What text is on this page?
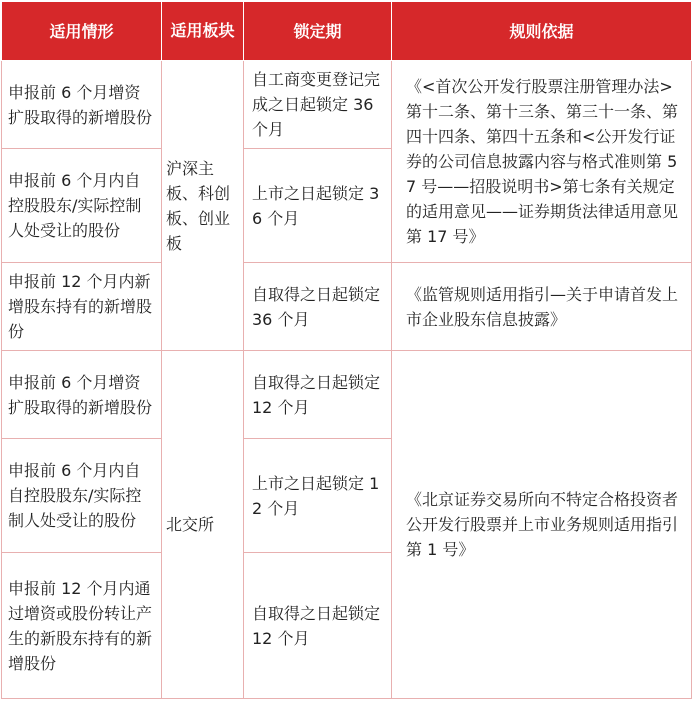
适用情形	适用板块	锁定期	规则依据
申报前 6 个月增资扩股取得的新增股份	沪深主板、科创板、创业板	自工商变更登记完成之日起锁定 36 个月	《<首次公开发行股票注册管理办法>第十二条、第十三条、第三十一条、第四十四条、第四十五条和<公开发行证券的公司信息披露内容与格式准则第 57 号——招股说明书>第七条有关规定的适用意见——证券期货法律适用意见第 17 号》
申报前 6 个月内自控股股东/实际控制人处受让的股份		上市之日起锁定 36 个月	
申报前 12 个月内新增股东持有的新增股份		自取得之日起锁定 36 个月	《监管规则适用指引—关于申请首发上市企业股东信息披露》
申报前 6 个月增资扩股取得的新增股份	北交所	自取得之日起锁定 12 个月	《北京证券交易所向不特定合格投资者公开发行股票并上市业务规则适用指引第 1 号》
申报前 6 个月内自自控股股东/实际控制人处受让的股份		上市之日起锁定 12 个月	
申报前 12 个月内通过增资或股份转让产生的新股东持有的新增股份		自取得之日起锁定 12 个月	
